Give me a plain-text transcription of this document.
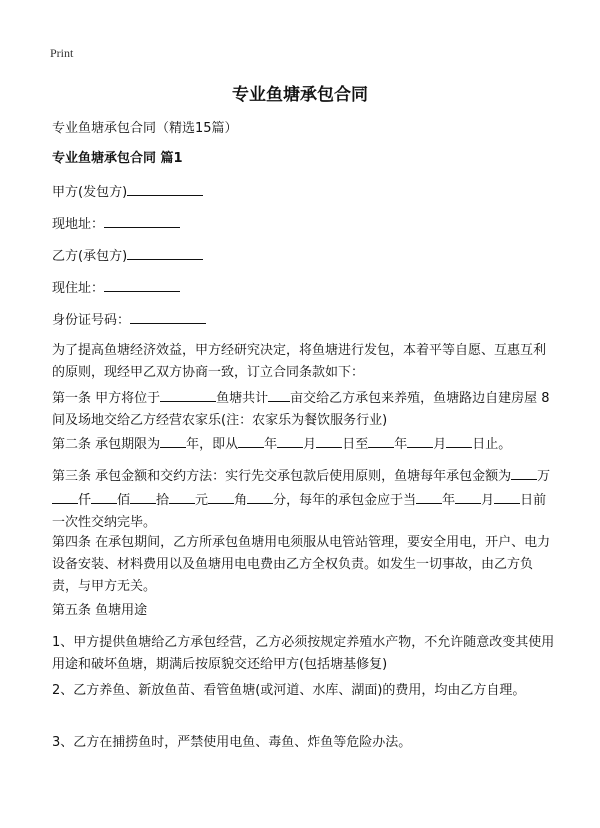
Print
专业鱼塘承包合同
专业鱼塘承包合同（精选15篇）
专业鱼塘承包合同 篇1
甲方(发包方)
现地址：
乙方(承包方)
现住址：
身份证号码：
为了提高鱼塘经济效益，甲方经研究决定，将鱼塘进行发包，本着平等自愿、互惠互利的原则，现经甲乙双方协商一致，订立合同条款如下：
第一条 甲方将位于	鱼塘共计 亩交给乙方承包来养殖，鱼塘路边自建房屋 8 间及场地交给乙方经营农家乐(注：农家乐为餐饮服务行业)
第二条 承包期限为 年，即从 年 月 日至 年 月 日止。
第三条 承包金额和交约方法：实行先交承包款后使用原则，鱼塘每年承包金额为 万仟 佰 拾 元 角 分，每年的承包金应于当 年 月 日前一次性交纳完毕。
第四条 在承包期间，乙方所承包鱼塘用电须服从电管站管理，要安全用电，开户、电力设备安装、材料费用以及鱼塘用电电费由乙方全权负责。如发生一切事故，由乙方负责，与甲方无关。
第五条 鱼塘用途
1、甲方提供鱼塘给乙方承包经营，乙方必须按规定养殖水产物，不允许随意改变其使用用途和破坏鱼塘，期满后按原貌交还给甲方(包括塘基修复)
2、乙方养鱼、新放鱼苗、看管鱼塘(或河道、水库、湖面)的费用，均由乙方自理。
3、乙方在捕捞鱼时，严禁使用电鱼、毒鱼、炸鱼等危险办法。
